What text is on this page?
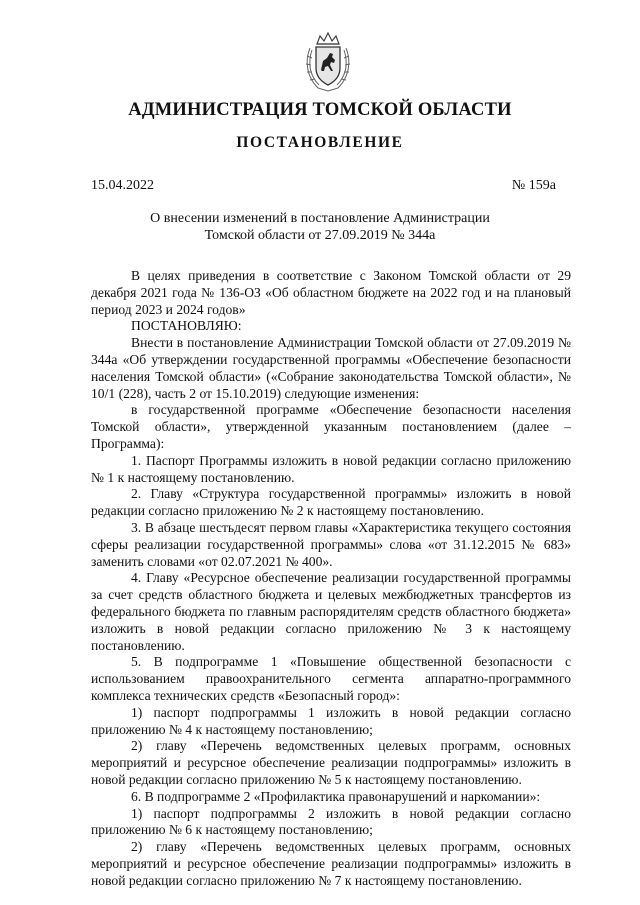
АДМИНИСТРАЦИЯ ТОМСКОЙ ОБЛАСТИ
ПОСТАНОВЛЕНИЕ
15.04.2022	№ 159а
О внесении изменений в постановление Администрации
Томской области от 27.09.2019 № 344а

В целях приведения в соответствие с Законом Томской области от 29 декабря 2021 года № 136-ОЗ «Об областном бюджете на 2022 год и на плановый период 2023 и 2024 годов»

ПОСТАНОВЛЯЮ:

Внести в постановление Администрации Томской области от 27.09.2019 № 344а «Об утверждении государственной программы «Обеспечение безопасности населения Томской области» («Собрание законодательства Томской области», № 10/1 (228), часть 2 от 15.10.2019) следующие изменения:

в государственной программе «Обеспечение безопасности населения Томской области», утвержденной указанным постановлением (далее – Программа):

1. Паспорт Программы изложить в новой редакции согласно приложению № 1 к настоящему постановлению.

2. Главу «Структура государственной программы» изложить в новой редакции согласно приложению № 2 к настоящему постановлению.

3. В абзаце шестьдесят первом главы «Характеристика текущего состояния сферы реализации государственной программы» слова «от 31.12.2015 № 683» заменить словами «от 02.07.2021 № 400».

4. Главу «Ресурсное обеспечение реализации государственной программы за счет средств областного бюджета и целевых межбюджетных трансфертов из федерального бюджета по главным распорядителям средств областного бюджета» изложить в новой редакции согласно приложению № 3 к настоящему постановлению.

5. В подпрограмме 1 «Повышение общественной безопасности с использованием правоохранительного сегмента аппаратно-программного комплекса технических средств «Безопасный город»:

1) паспорт подпрограммы 1 изложить в новой редакции согласно приложению № 4 к настоящему постановлению;

2) главу «Перечень ведомственных целевых программ, основных мероприятий и ресурсное обеспечение реализации подпрограммы» изложить в новой редакции согласно приложению № 5 к настоящему постановлению.

6. В подпрограмме 2 «Профилактика правонарушений и наркомании»:

1) паспорт подпрограммы 2 изложить в новой редакции согласно приложению № 6 к настоящему постановлению;

2) главу «Перечень ведомственных целевых программ, основных мероприятий и ресурсное обеспечение реализации подпрограммы» изложить в новой редакции согласно приложению № 7 к настоящему постановлению.
